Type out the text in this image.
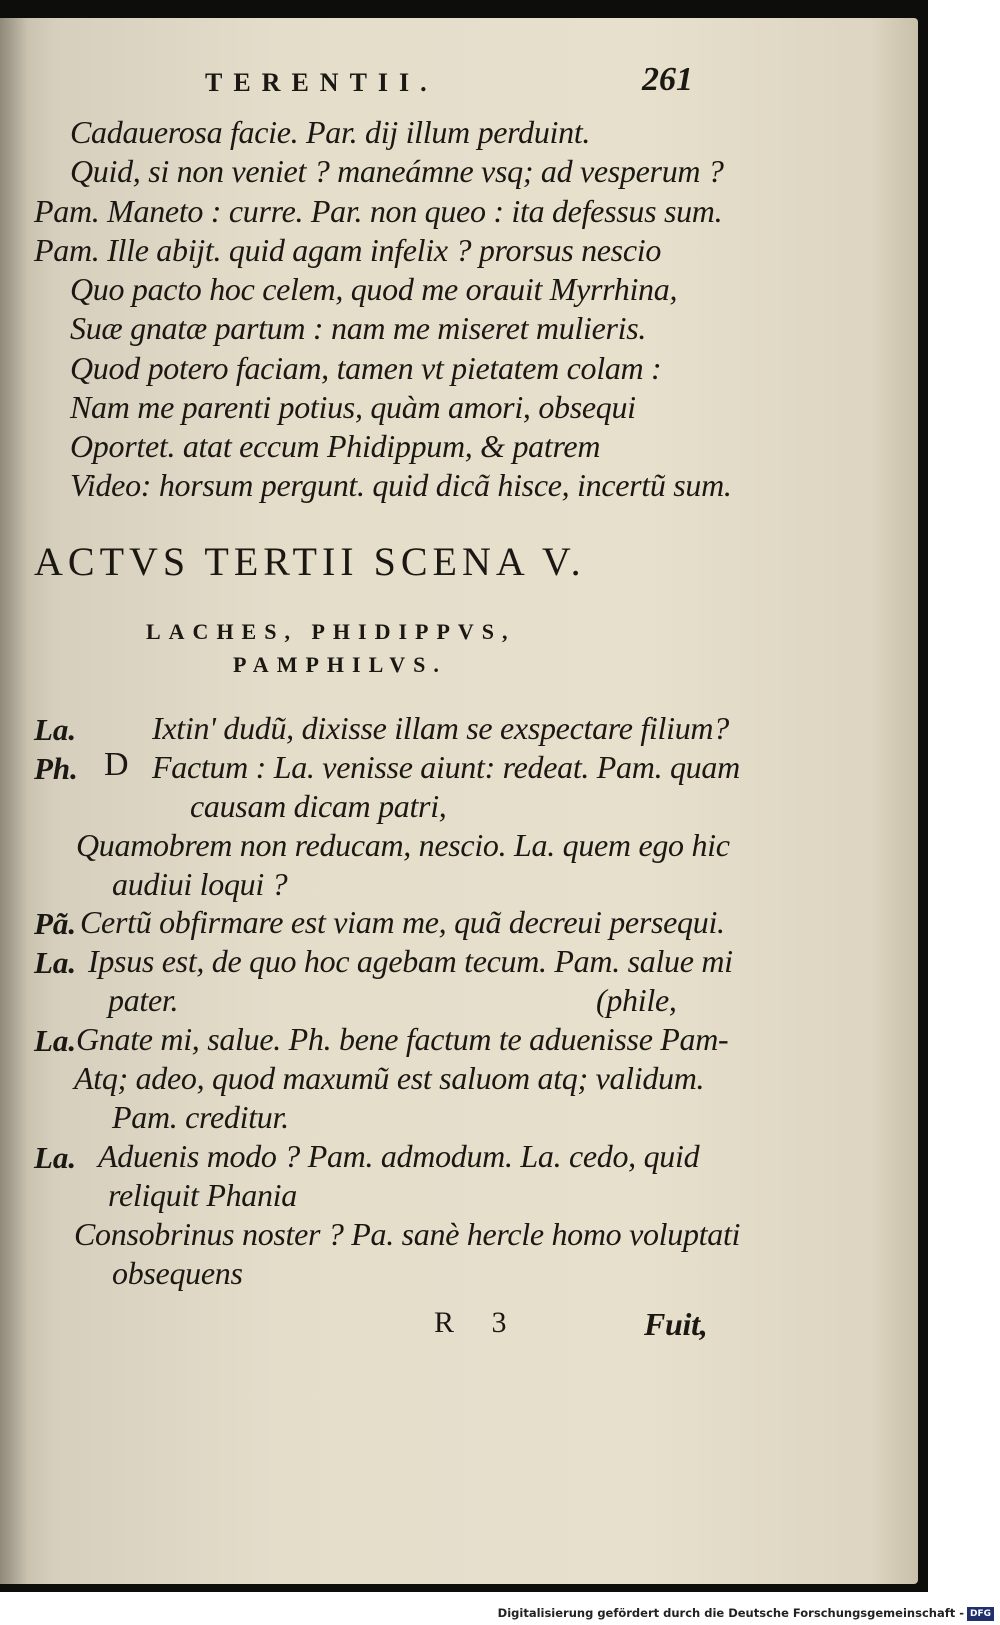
TERENTII.	261
Cadauerosa facie. Par. dij illum perduint.
Quid, si non veniet ? maneámne vsq; ad vesperum ?
Pam. Maneto : curre. Par. non queo : ita defessus sum.
Pam. Ille abijt. quid agam infelix ? prorsus nescio
Quo pacto hoc celem, quod me orauit Myrrhina,
Suæ gnatæ partum : nam me miseret mulieris.
Quod potero faciam, tamen vt pietatem colam :
Nam me parenti potius, quàm amori, obsequi
Oportet. atat eccum Phidippum, & patrem
Video: horsum pergunt. quid dicã hisce, incertũ sum.
ACTVS TERTII SCENA V.
LACHES, PHIDIPPVS,
PAMPHILVS.
La. Ixtin' dudũ, dixisse illam se exspectare filium?
Ph. D Factum : La. venisse aiunt: redeat. Pam. quam
causam dicam patri,
Quamobrem non reducam, nescio. La. quem ego hic
audiui loqui ?
Pã. Certũ obfirmare est viam me, quã decreui persequi.
La. Ipsus est, de quo hoc agebam tecum. Pam. salue mi
pater.	(phile,
La. Gnate mi, salue. Ph. bene factum te aduenisse Pam-
Atq; adeo, quod maxumũ est saluom atq; validum.
Pam. creditur.
La. Aduenis modo ? Pam. admodum. La. cedo, quid
reliquit Phania
Consobrinus noster ? Pa. sanè hercle homo voluptati
obsequens
R 3	Fuit,
Digitalisierung gefördert durch die Deutsche Forschungsgemeinschaft - DFG
